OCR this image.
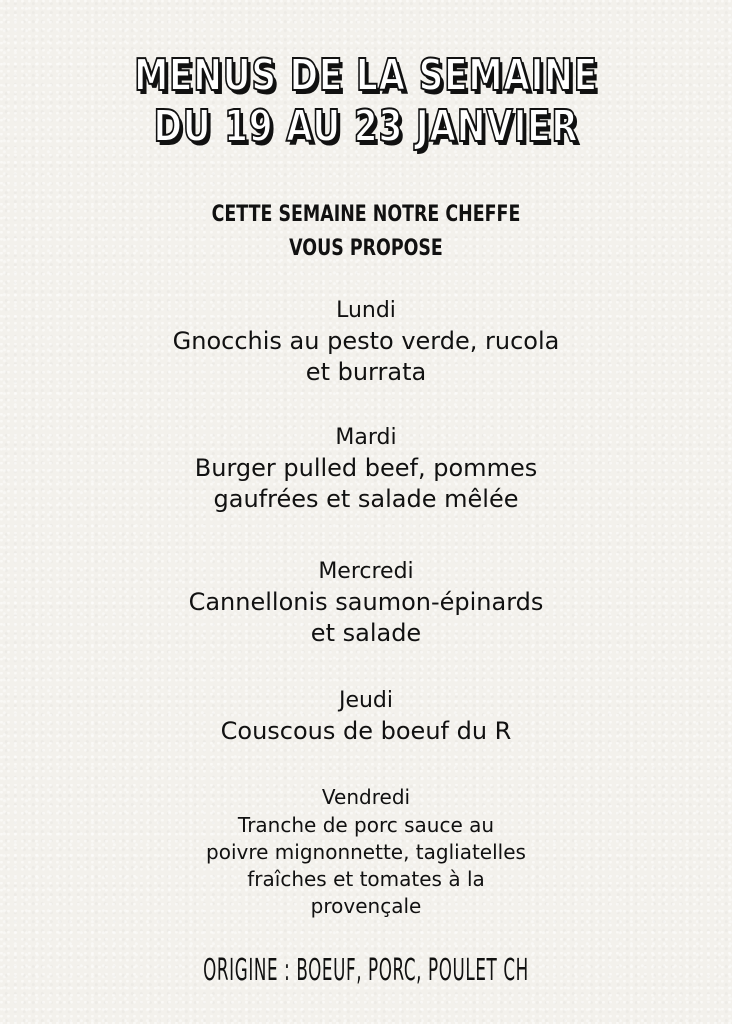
MENUS DE LA SEMAINE
DU 19 AU 23 JANVIER
CETTE SEMAINE NOTRE CHEFFE
VOUS PROPOSE
Lundi
Gnocchis au pesto verde, rucola
et burrata
Mardi
Burger pulled beef, pommes
gaufrées et salade mêlée
Mercredi
Cannellonis saumon-épinards
et salade
Jeudi
Couscous de boeuf du R
Vendredi
Tranche de porc sauce au
poivre mignonnette, tagliatelles
fraîches et tomates à la
provençale
ORIGINE : BOEUF, PORC, POULET CH
